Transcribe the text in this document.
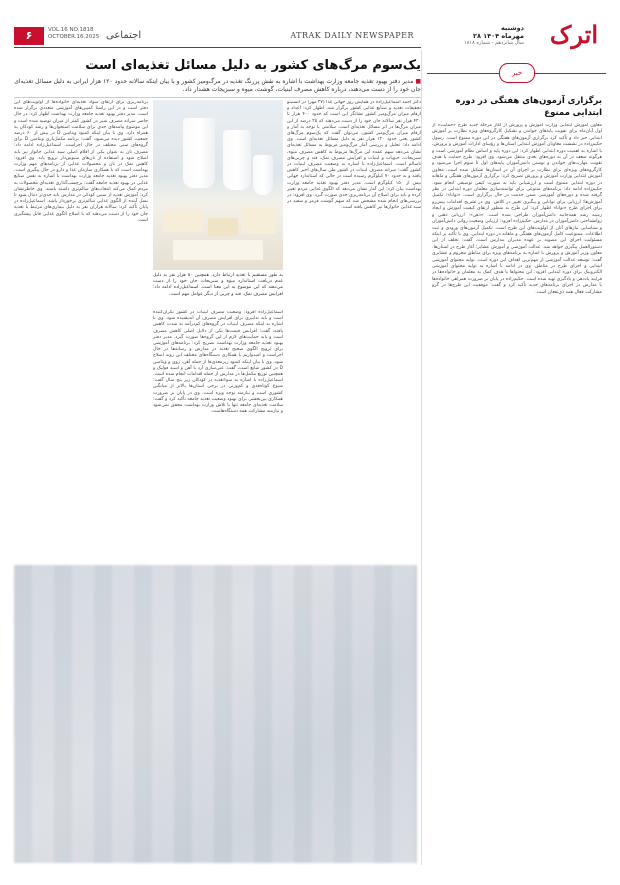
۶	VOL.16 NO.1818
OCTOBER.16.2025 اجتماعی	ATRAK DAILY NEWSPAPER	اترک
دوشنبه
۲۸ مهرماه ۱۴۰۴
سال شانزدهم - شماره ۱۸۱۸
یک‌سوم مرگ‌های کشور به دلیل مسائل تغذیه‌ای است
■ مدیر دفتر بهبود تغذیه جامعه وزارت بهداشت با اشاره به نقش پررنگ تغذیه در مرگ‌ومیر کشور و با بیان اینکه سالانه حدود ۱۲۰ هزار ایرانی به دلیل مسائل تغذیه‌ای جان خود را از دست می‌دهند، درباره کاهش مصرف لبنیات، گوشت، میوه و سبزیجات هشدار داد.
دکتر احمد اسماعیل‌زاده در همایش روز جهانی غذا (۲۷ مهر) در انستیتو تحقیقات تغذیه و صنایع غذایی کشور برگزار شد، اظهار کرد: اعداد و ارقام میزان مرگ‌ومیر کشور نشانگر این است که حدود ۴۰۰ هزار تا ۴۲۰ هزار نفر سالانه جان خود را از دست می‌دهند که ۲۵ درصد از این میزان مرگ‌ها در اثر مسائل تغذیه‌ای است. سلامتی با توجه به آمار و ارقام میزان مرگ‌ومیر کشور، می‌توان گفت که یک‌سوم مرگ‌های کشور یعنی حدود ۱۲۰ هزار نفر به دلیل مسائل تغذیه‌ای است. وی ادامه داد: تحلیل و بررسی آمار مرگ‌ومیر مربوط به مسائل تغذیه‌ای نشان می‌دهد سهم عمده این مرگ‌ها مربوط به کاهش مصرف میوه، سبزیجات، حبوبات و لبنیات و افزایش مصرف نمک، قند و چربی‌های ناسالم است. اسماعیل‌زاده با اشاره به وضعیت مصرف لبنیات در کشور گفت: سرانه مصرف لبنیات در کشور طی سال‌های اخیر کاهش یافته و به حدود ۷۰ کیلوگرم رسیده است در حالی که استاندارد جهانی بیش از ۱۵۰ کیلوگرم است. مدیر دفتر بهبود تغذیه جامعه وزارت بهداشت بیان کرد: این آمار نشان می‌دهد که الگوی غذایی مردم تغییر کرده و باید برای اصلاح آن برنامه‌ریزی جدی صورت گیرد. وی افزود: در بررسی‌های انجام شده مشخص شد که سهم گوشت قرمز و سفید در سبد غذایی خانوارها نیز کاهش یافته است.
به طور مستقیم با تغذیه ارتباط دارد. همچنین ۸۰ هزار نفر به دلیل عدم دریافت استاندارد میوه و سبزیجات جان خود را از دست می‌دهند که این موضوع به این معنا است. اسماعیل‌زاده ادامه داد: افزایش مصرف نمک، قند و چربی از دیگر عوامل مهم است.
اسماعیل‌زاده افزود: وضعیت مصرف لبنیات در کشور نگران‌کننده است و باید تدابیری برای افزایش مصرف آن اندیشیده شود. وی با اشاره به اینکه مصرف لبنیات در گروه‌های کم‌درآمد به شدت کاهش یافته، گفت: افزایش قیمت‌ها یکی از دلایل اصلی کاهش مصرف است و باید حمایت‌های لازم از این گروه‌ها صورت گیرد. مدیر دفتر بهبود تغذیه جامعه وزارت بهداشت تصریح کرد: برنامه‌های آموزشی برای ترویج الگوی صحیح تغذیه در مدارس و رسانه‌ها در حال اجراست و امیدواریم با همکاری دستگاه‌های مختلف این روند اصلاح شود. وی با بیان اینکه کمبود ریزمغذی‌ها از جمله آهن، روی و ویتامین D در کشور شایع است، گفت: غنی‌سازی آرد با آهن و اسید فولیک و همچنین توزیع مکمل‌ها در مدارس از جمله اقدامات انجام شده است. اسماعیل‌زاده با اشاره به سوء‌تغذیه در کودکان زیر پنج سال گفت: شیوع کوتاه‌قدی و کم‌وزنی در برخی استان‌ها بالاتر از میانگین کشوری است و نیازمند توجه ویژه است. وی در پایان بر ضرورت همکاری بین‌بخشی برای بهبود وضعیت تغذیه جامعه تأکید کرد و گفت: سلامت تغذیه‌ای جامعه تنها با تلاش وزارت بهداشت محقق نمی‌شود و نیازمند مشارکت همه دستگاه‌هاست.
برنامه‌ریزی برای ارتقای سواد تغذیه‌ای خانواده‌ها از اولویت‌های این دفتر است و در این راستا کمپین‌های آموزشی متعددی برگزار شده است. مدیر دفتر بهبود تغذیه جامعه وزارت بهداشت اظهار کرد: در حال حاضر سرانه مصرف شیر در کشور کمتر از میزان توصیه شده است و این موضوع پیامدهای جدی برای سلامت استخوان‌ها و رشد کودکان به همراه دارد. وی با بیان اینکه کمبود ویتامین D در بیش از ۶۰ درصد جمعیت کشور دیده می‌شود، گفت: برنامه مکمل‌یاری ویتامین D برای گروه‌های سنی مختلف در حال اجراست. اسماعیل‌زاده ادامه داد: مصرف نان به عنوان یکی از اقلام اصلی سبد غذایی خانوار نیز باید اصلاح شود و استفاده از نان‌های سبوس‌دار ترویج یابد. وی افزود: کاهش نمک در نان و محصولات غذایی از برنامه‌های مهم وزارت بهداشت است که با همکاری سازمان غذا و دارو در حال پیگیری است. مدیر دفتر بهبود تغذیه جامعه وزارت بهداشت با اشاره به نقش صنایع غذایی در بهبود تغذیه جامعه گفت: برچسب‌گذاری تغذیه‌ای محصولات به مردم کمک می‌کند انتخاب‌های سالم‌تری داشته باشند. وی خاطرنشان کرد: آموزش تغذیه از سنین کودکی در مدارس باید جدی‌تر دنبال شود تا نسل آینده از الگوی غذایی سالم‌تری برخوردار باشد. اسماعیل‌زاده در پایان تأکید کرد: سالانه هزاران نفر به دلیل بیماری‌های مرتبط با تغذیه جان خود را از دست می‌دهند که با اصلاح الگوی غذایی قابل پیشگیری است.
خبر
برگزاری آزمون‌های هفتگی در دوره ابتدایی ممنوع
معاون آموزش ابتدایی وزارت آموزش و پرورش از آغاز مرحله جدید طرح «حمایت» از اول آبان‌ماه برای تقویت پایه‌های خواندن و تشکیل کارگروه‌های ویژه نظارت بر آموزش ابتدایی خبر داد و تأکید کرد برگزاری آزمون‌های هفتگی در این دوره ممنوع است. رسول حکیم‌زاده در نشست معاونان آموزش ابتدایی استان‌ها و رؤسای ادارات آموزش و پرورش، با اشاره به اهمیت دوره ابتدایی اظهار کرد: این دوره پایه و اساس نظام آموزشی است و هرگونه ضعف در آن به دوره‌های بعدی منتقل می‌شود. وی افزود: طرح حمایت با هدف تقویت مهارت‌های خواندن و نوشتن دانش‌آموزان پایه‌های اول تا سوم اجرا می‌شود و کارگروه‌های ویژه‌ای برای نظارت بر اجرای آن در استان‌ها تشکیل شده است. معاون آموزش ابتدایی وزارت آموزش و پرورش تصریح کرد: برگزاری آزمون‌های هفتگی و ماهانه در دوره ابتدایی ممنوع است و ارزشیابی باید به صورت کیفی توصیفی انجام شود. حکیم‌زاده ادامه داد: برنامه‌های متنوعی برای توانمندسازی معلمان دوره ابتدایی در نظر گرفته شده و دوره‌های آموزشی ضمن خدمت در حال برگزاری است. «توانا»: تکمیل آموزش‌ها؛ ارزیابی برای توانایی و پیگیری تغییر در کلاس. وی در تشریح اقدامات پیش‌رو برای اجرای طرح «توانا» اظهار کرد: این طرح به منظور ارتقای کیفیت آموزش و ایجاد زمینه رشد همه‌جانبه دانش‌آموزان طراحی شده است. «ذهن»: ارزیابی ذهنی و روانشناختی دانش‌آموزان در مدارس. حکیم‌زاده افزود: ارزیابی وضعیت روانی دانش‌آموزان و شناسایی نیازهای آنان از اولویت‌های این طرح است. تکمیل آزمون‌های ورودی و ثبت اطلاعات. ممنوعیت کامل آزمون‌های هفتگی و ماهانه در دوره ابتدایی. وی با تأکید بر اینکه مسئولیت اجرای این مصوبه بر عهده مدیران مدارس است، گفت: تخلف از این دستورالعمل پیگیری خواهد شد. عدالت آموزشی و آموزش عشایر؛ آغاز طرح در استان‌ها. معاون وزیر آموزش و پرورش با اشاره به برنامه‌های ویژه برای مناطق محروم و عشایری گفت: توسعه عدالت آموزشی از مهم‌ترین اهداف این دوره است. تولید محتوای آموزشی ابتدایی و اجرای طرح در مناطق. وی در ادامه با اشاره به تولید محتوای آموزشی الکترونیک برای دوره ابتدایی افزود: این محتواها با هدف کمک به معلمان و خانواده‌ها در فرایند یاددهی و یادگیری تهیه شده است. حکیم‌زاده در پایان بر ضرورت همراهی خانواده‌ها با مدارس در اجرای برنامه‌های جدید تأکید کرد و گفت: موفقیت این طرح‌ها در گرو مشارکت فعال همه ذی‌نفعان است.
